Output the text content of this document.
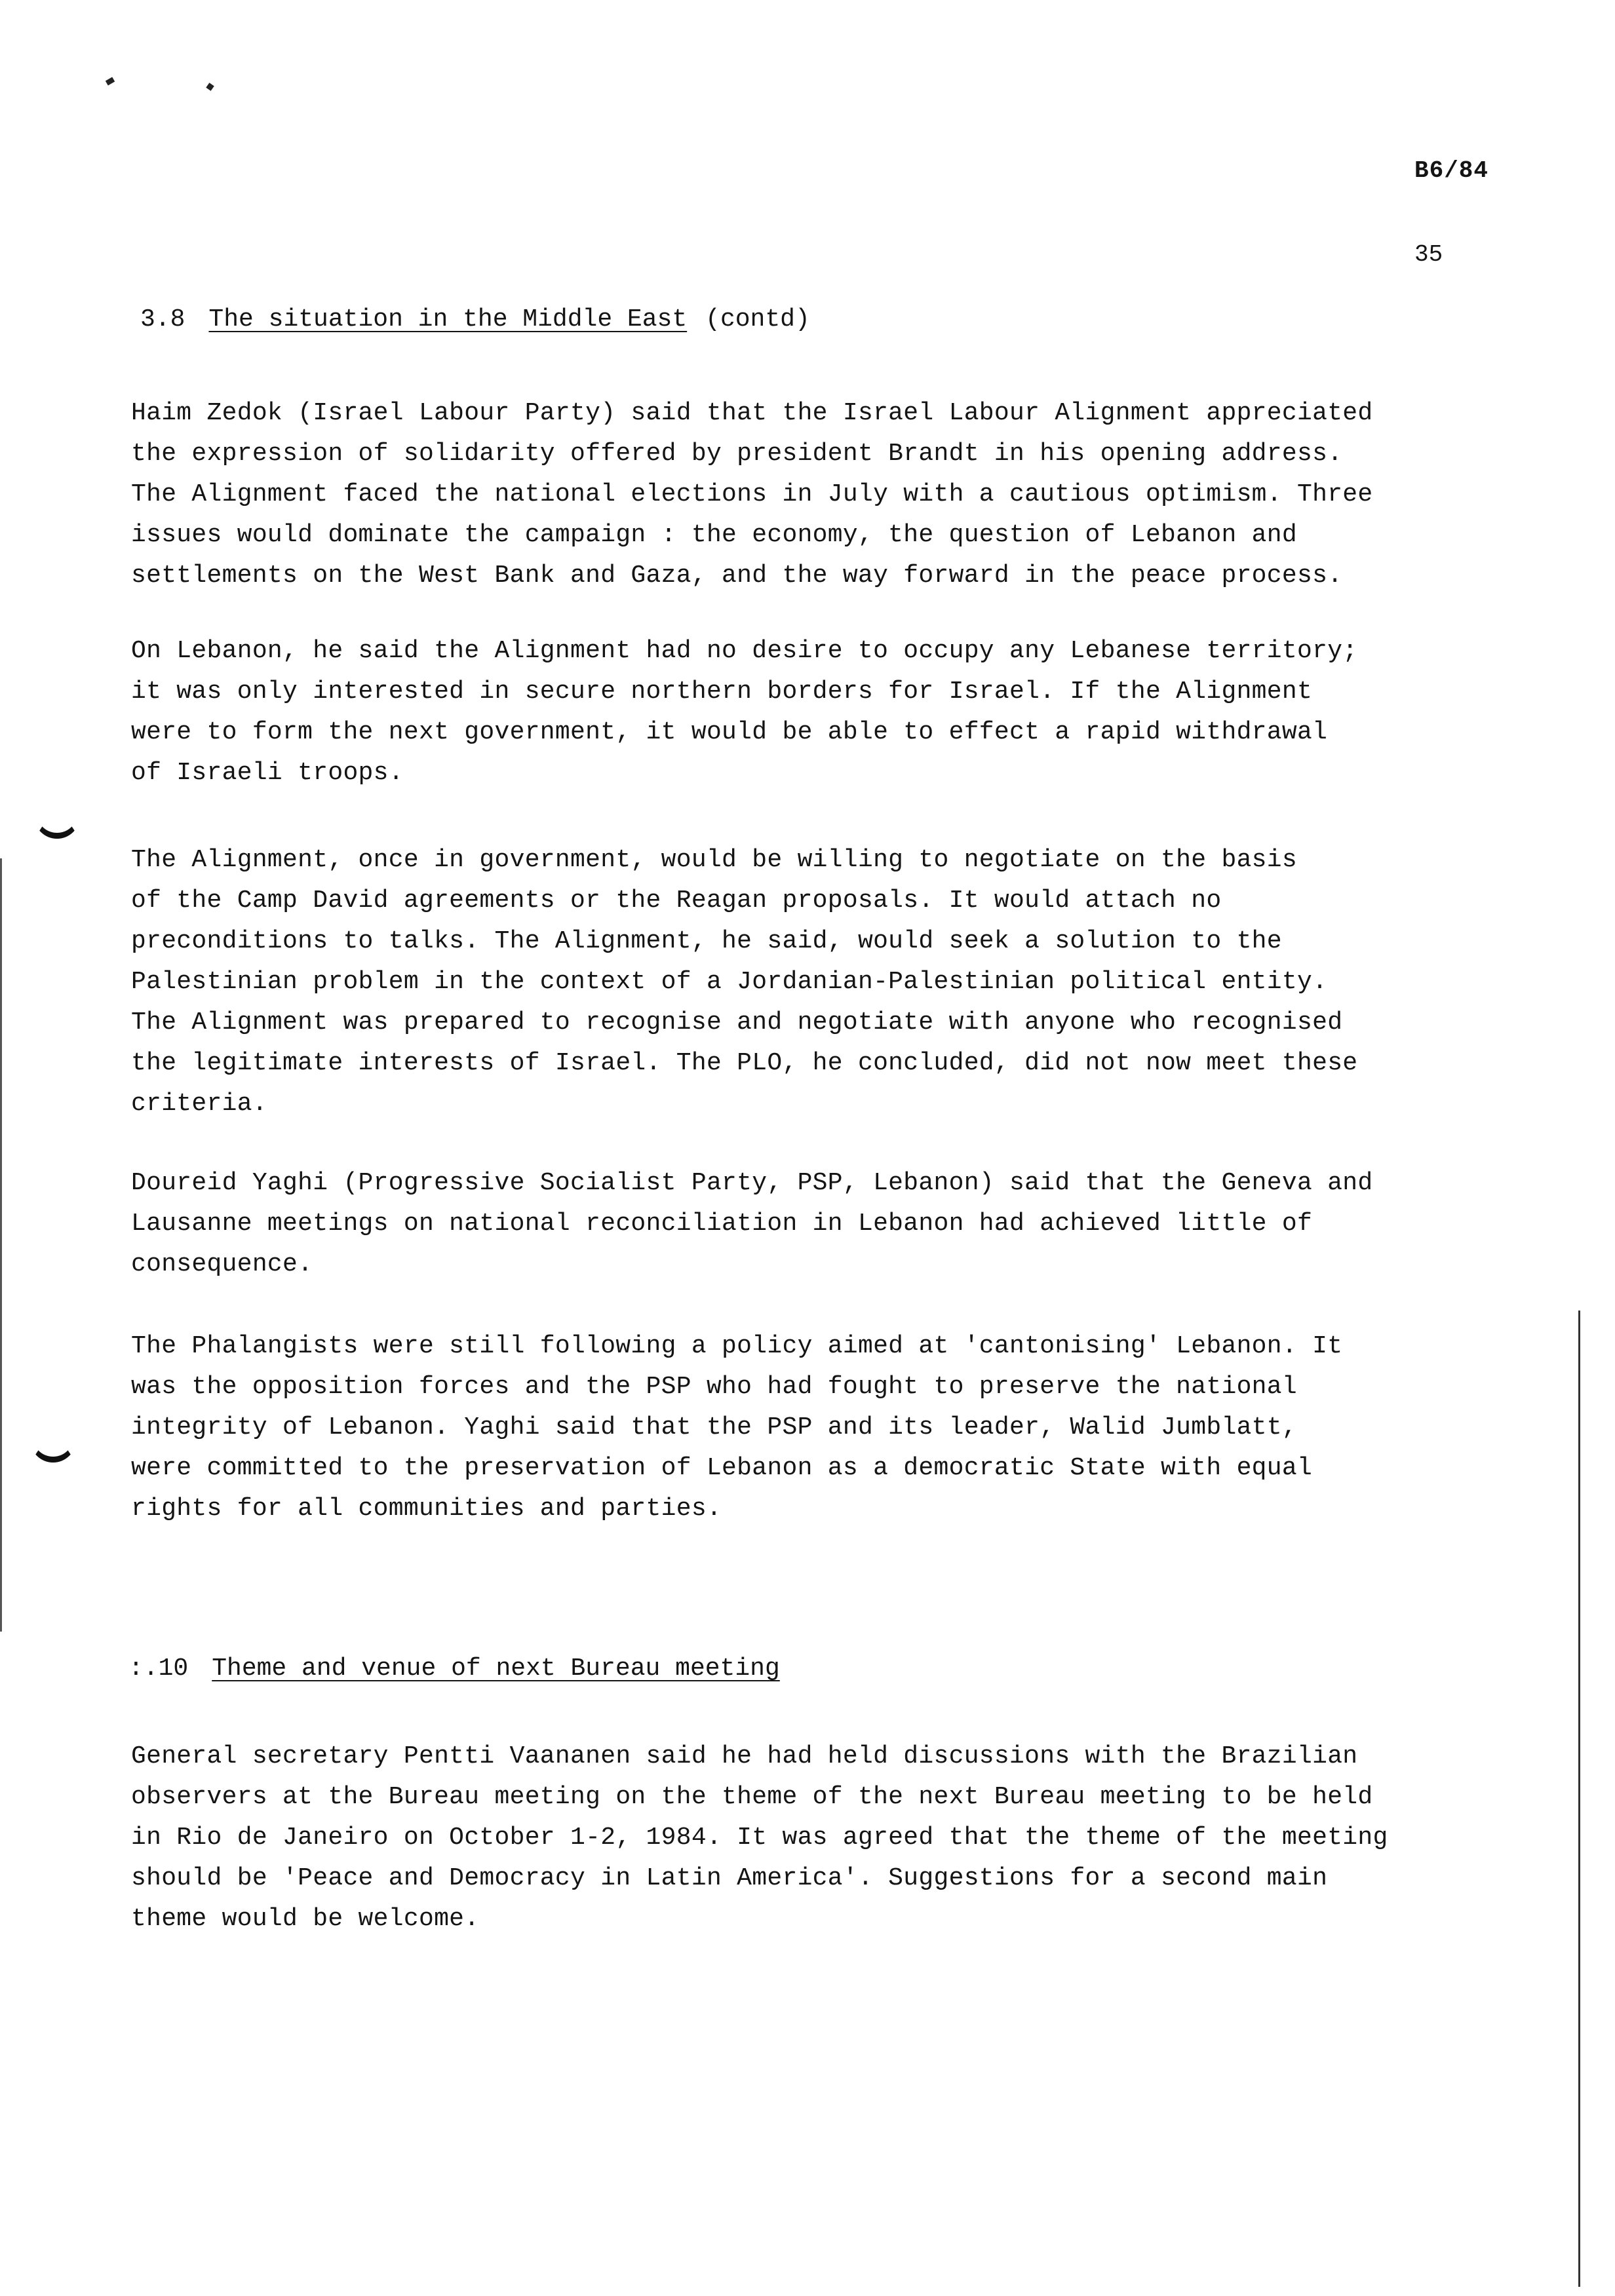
B6/84
35
3.8 The situation in the Middle East (contd)
Haim Zedok (Israel Labour Party) said that the Israel Labour Alignment appreciated
the expression of solidarity offered by president Brandt in his opening address.
The Alignment faced the national elections in July with a cautious optimism. Three
issues would dominate the campaign : the economy, the question of Lebanon and
settlements on the West Bank and Gaza, and the way forward in the peace process.
On Lebanon, he said the Alignment had no desire to occupy any Lebanese territory;
it was only interested in secure northern borders for Israel. If the Alignment
were to form the next government, it would be able to effect a rapid withdrawal
of Israeli troops.
The Alignment, once in government, would be willing to negotiate on the basis
of the Camp David agreements or the Reagan proposals. It would attach no
preconditions to talks. The Alignment, he said, would seek a solution to the
Palestinian problem in the context of a Jordanian-Palestinian political entity.
The Alignment was prepared to recognise and negotiate with anyone who recognised
the legitimate interests of Israel. The PLO, he concluded, did not now meet these
criteria.
Doureid Yaghi (Progressive Socialist Party, PSP, Lebanon) said that the Geneva and
Lausanne meetings on national reconciliation in Lebanon had achieved little of
consequence.
The Phalangists were still following a policy aimed at 'cantonising' Lebanon. It
was the opposition forces and the PSP who had fought to preserve the national
integrity of Lebanon. Yaghi said that the PSP and its leader, Walid Jumblatt,
were committed to the preservation of Lebanon as a democratic State with equal
rights for all communities and parties.
:.10 Theme and venue of next Bureau meeting
General secretary Pentti Vaananen said he had held discussions with the Brazilian
observers at the Bureau meeting on the theme of the next Bureau meeting to be held
in Rio de Janeiro on October 1-2, 1984. It was agreed that the theme of the meeting
should be 'Peace and Democracy in Latin America'. Suggestions for a second main
theme would be welcome.
